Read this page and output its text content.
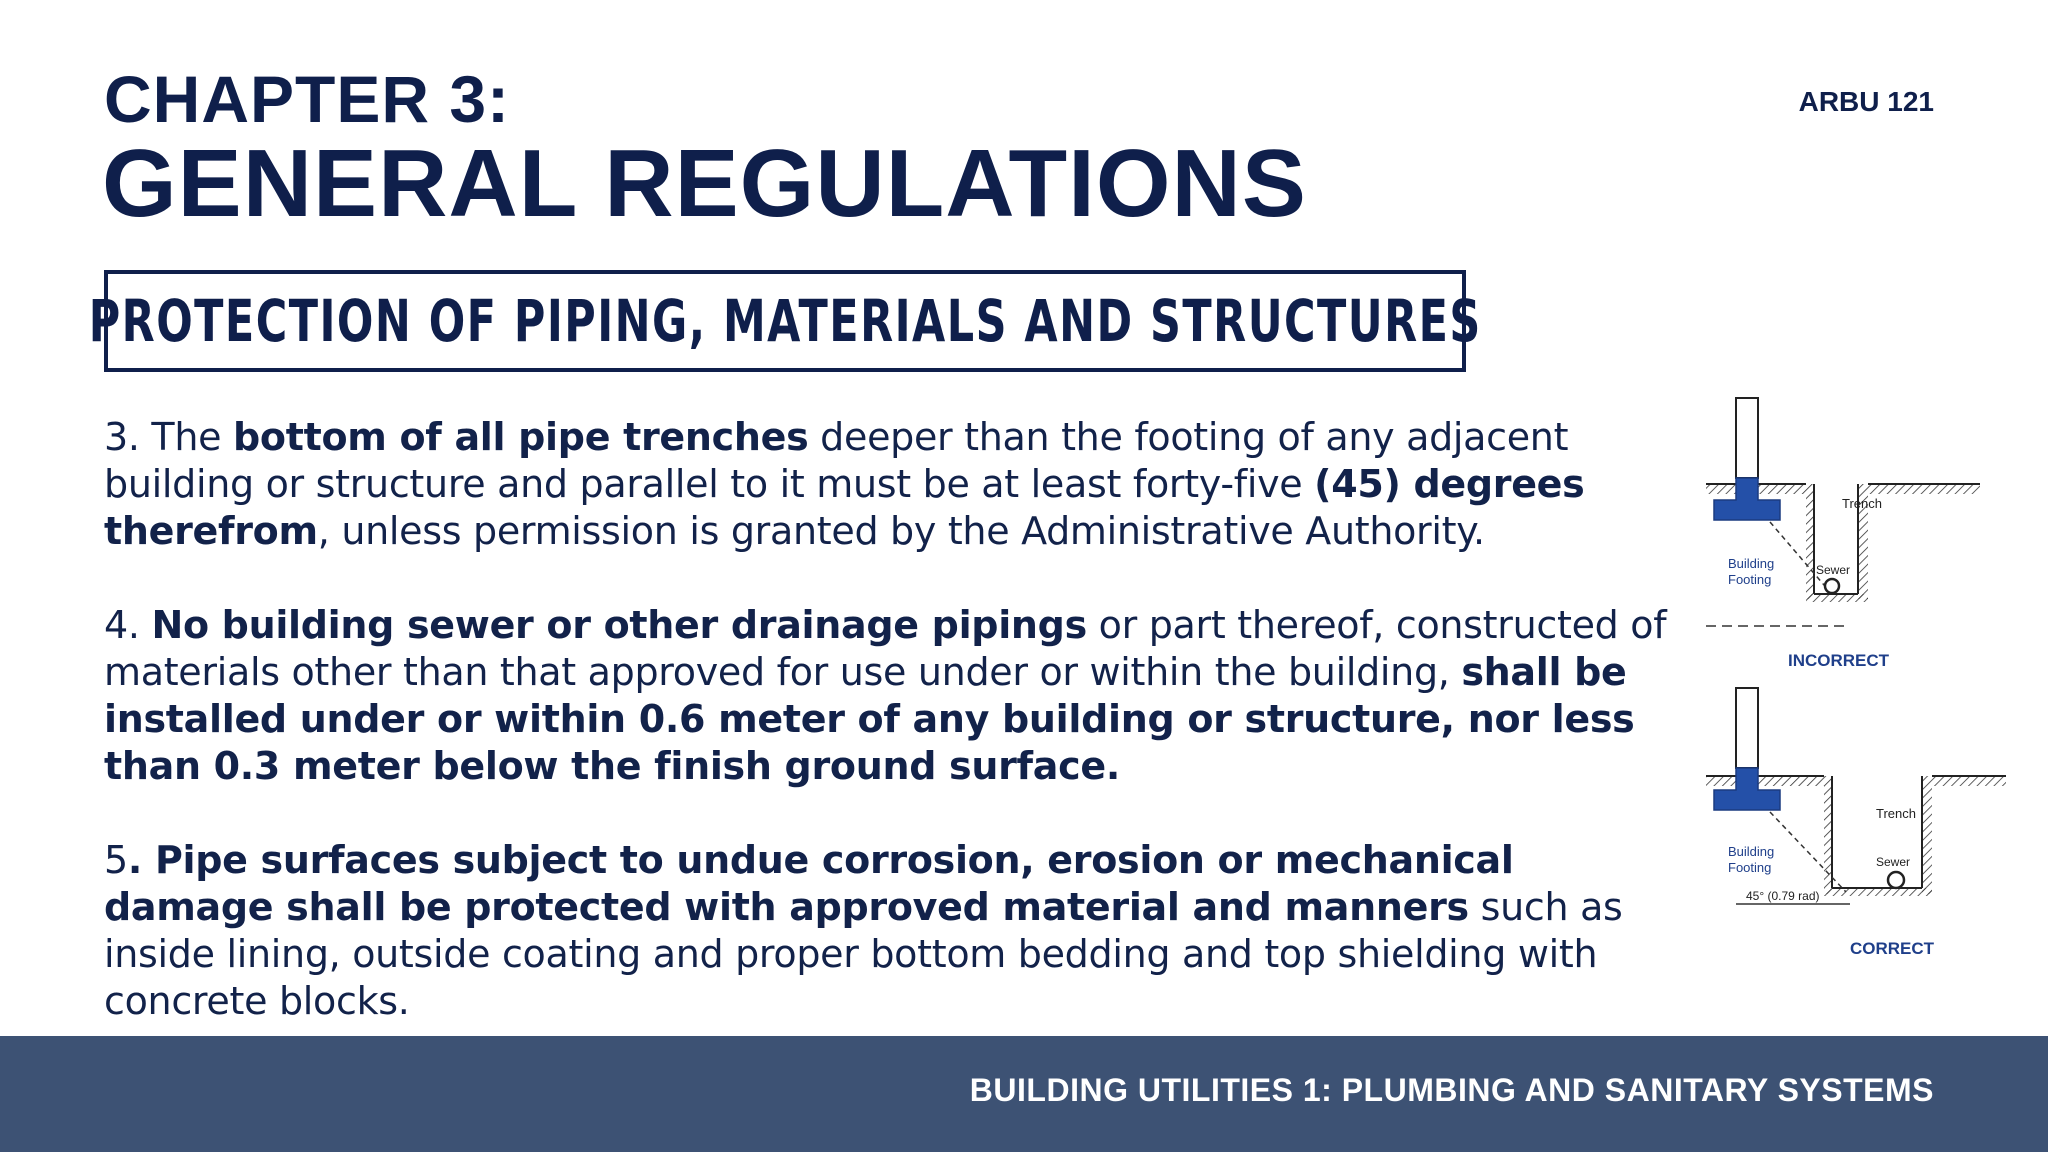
CHAPTER 3:	ARBU 121
GENERAL REGULATIONS
PROTECTION OF PIPING, MATERIALS AND STRUCTURES

3. The bottom of all pipe trenches deeper than the footing of any adjacent building or structure and parallel to it must be at least forty-five (45) degrees therefrom, unless permission is granted by the Administrative Authority.

4. No building sewer or other drainage pipings or part thereof, constructed of materials other than that approved for use under or within the building, shall be installed under or within 0.6 meter of any building or structure, nor less than 0.3 meter below the finish ground surface.

5. Pipe surfaces subject to undue corrosion, erosion or mechanical damage shall be protected with approved material and manners such as inside lining, outside coating and proper bottom bedding and top shielding with concrete blocks.

Trench
Building
Footing
Sewer
INCORRECT
Trench
Building
Footing	Sewer
45° (0.79 rad)
CORRECT
BUILDING UTILITIES 1: PLUMBING AND SANITARY SYSTEMS
